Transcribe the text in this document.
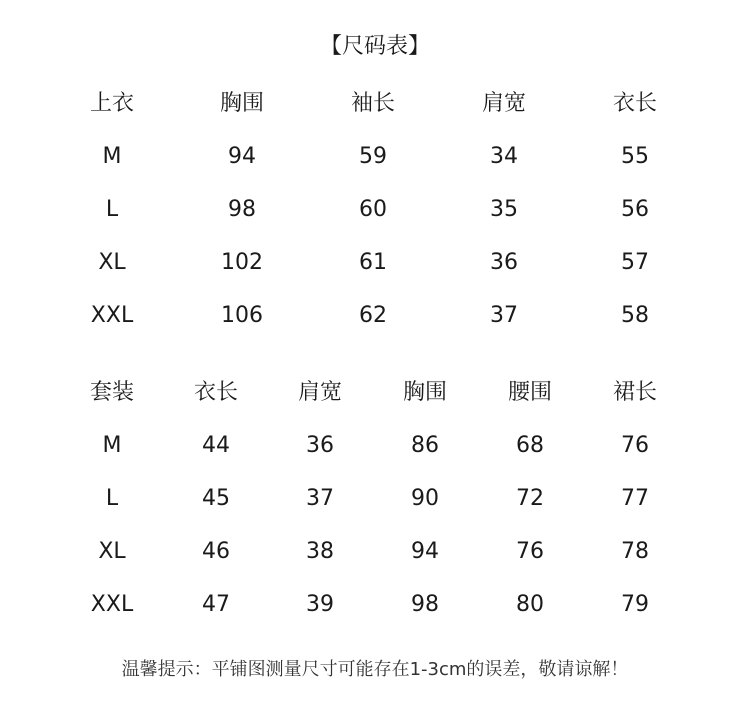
【尺码表】
上衣	胸围	袖长	肩宽	衣长
M	94	59	34	55
L	98	60	35	56
XL	102	61	36	57
XXL	106	62	37	58
套装	衣长	肩宽	胸围	腰围	裙长
M	44	36	86	68	76
L	45	37	90	72	77
XL	46	38	94	76	78
XXL	47	39	98	80	79
温馨提示：平铺图测量尺寸可能存在1-3cm的误差，敬请谅解！
